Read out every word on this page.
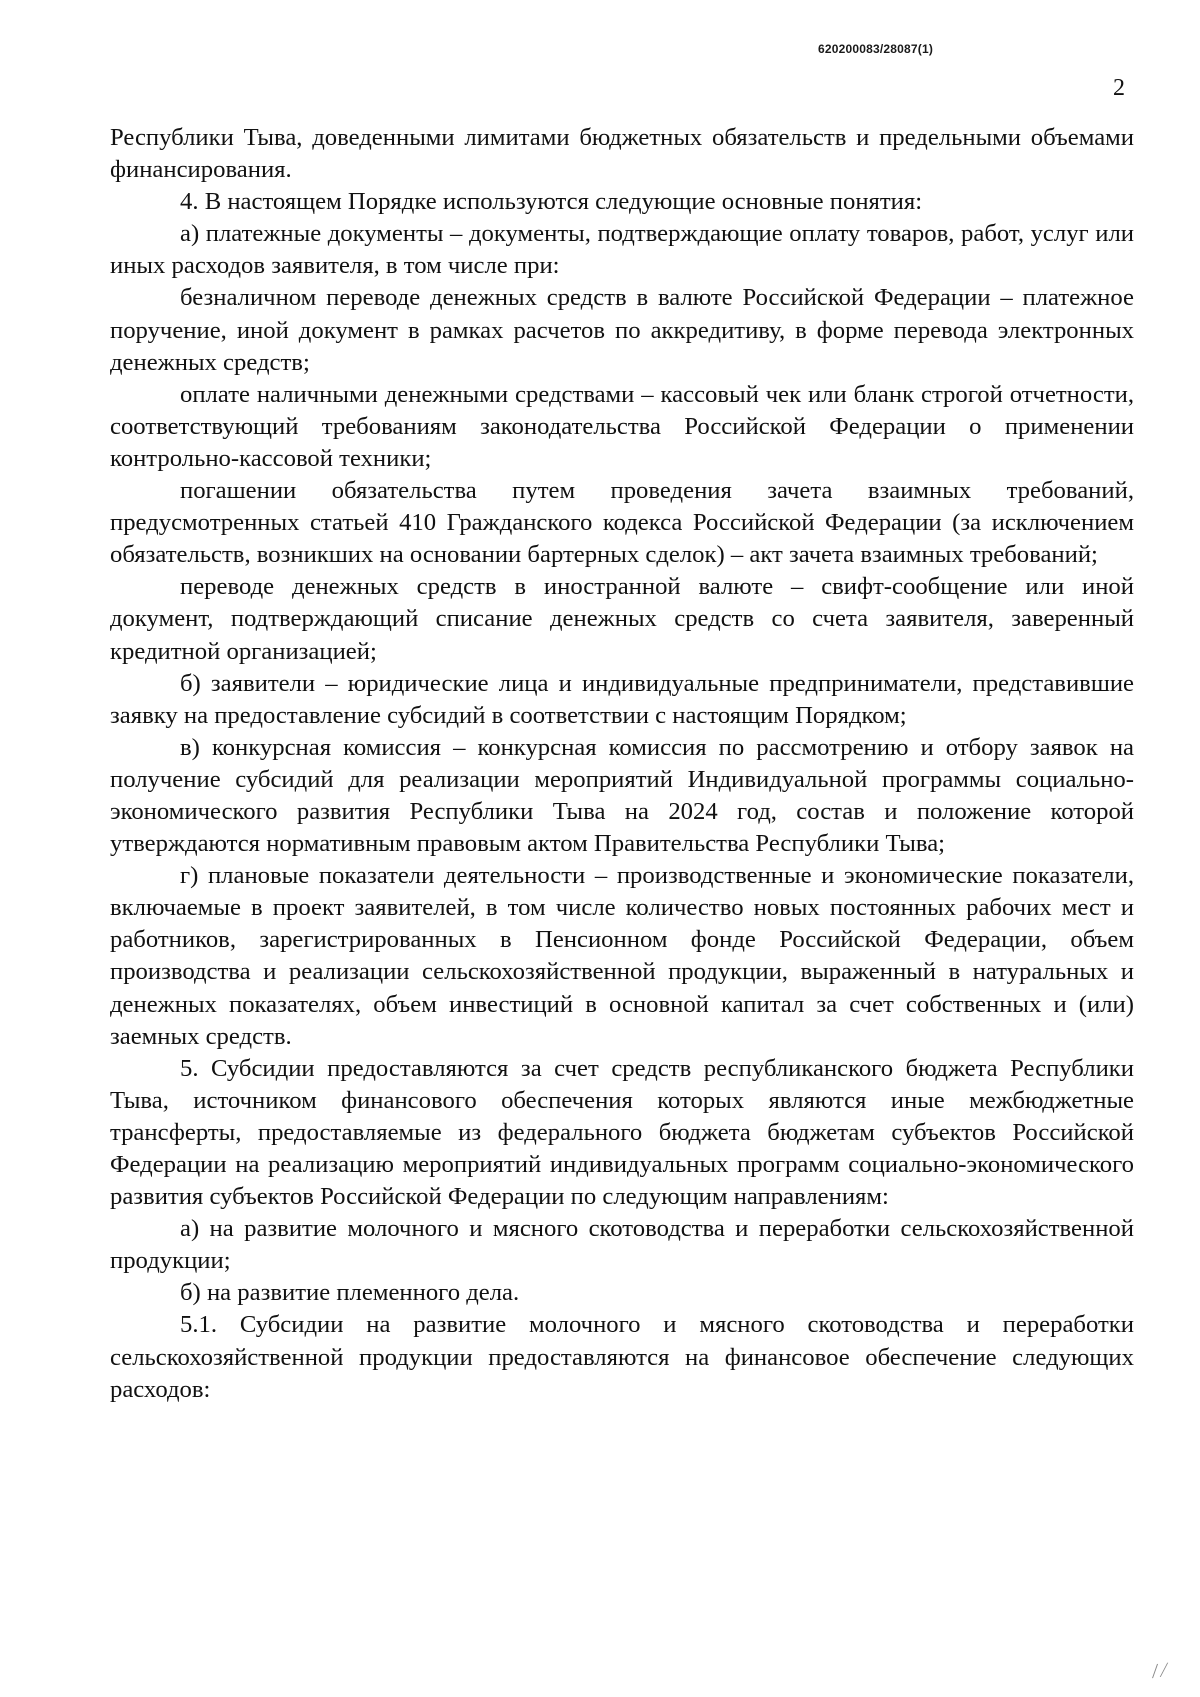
620200083/28087(1)
2

Республики Тыва, доведенными лимитами бюджетных обязательств и предельными объемами финансирования.

4. В настоящем Порядке используются следующие основные понятия:

а) платежные документы – документы, подтверждающие оплату товаров, работ, услуг или иных расходов заявителя, в том числе при:

безналичном переводе денежных средств в валюте Российской Федерации – платежное поручение, иной документ в рамках расчетов по аккредитиву, в форме перевода электронных денежных средств;

оплате наличными денежными средствами – кассовый чек или бланк строгой отчетности, соответствующий требованиям законодательства Российской Федерации о применении контрольно-кассовой техники;

погашении обязательства путем проведения зачета взаимных требований, предусмотренных статьей 410 Гражданского кодекса Российской Федерации (за исключением обязательств, возникших на основании бартерных сделок) – акт зачета взаимных требований;

переводе денежных средств в иностранной валюте – свифт-сообщение или иной документ, подтверждающий списание денежных средств со счета заявителя, заверенный кредитной организацией;

б) заявители – юридические лица и индивидуальные предприниматели, представившие заявку на предоставление субсидий в соответствии с настоящим Порядком;

в) конкурсная комиссия – конкурсная комиссия по рассмотрению и отбору заявок на получение субсидий для реализации мероприятий Индивидуальной программы социально-экономического развития Республики Тыва на 2024 год, состав и положение которой утверждаются нормативным правовым актом Правительства Республики Тыва;

г) плановые показатели деятельности – производственные и экономические показатели, включаемые в проект заявителей, в том числе количество новых постоянных рабочих мест и работников, зарегистрированных в Пенсионном фонде Российской Федерации, объем производства и реализации сельскохозяйственной продукции, выраженный в натуральных и денежных показателях, объем инвестиций в основной капитал за счет собственных и (или) заемных средств.

5. Субсидии предоставляются за счет средств республиканского бюджета Республики Тыва, источником финансового обеспечения которых являются иные межбюджетные трансферты, предоставляемые из федерального бюджета бюджетам субъектов Российской Федерации на реализацию мероприятий индивидуальных программ социально-экономического развития субъектов Российской Федерации по следующим направлениям:

а) на развитие молочного и мясного скотоводства и переработки сельскохозяйственной продукции;

б) на развитие племенного дела.

5.1. Субсидии на развитие молочного и мясного скотоводства и переработки сельскохозяйственной продукции предоставляются на финансовое обеспечение следующих расходов:

/ ⁄
